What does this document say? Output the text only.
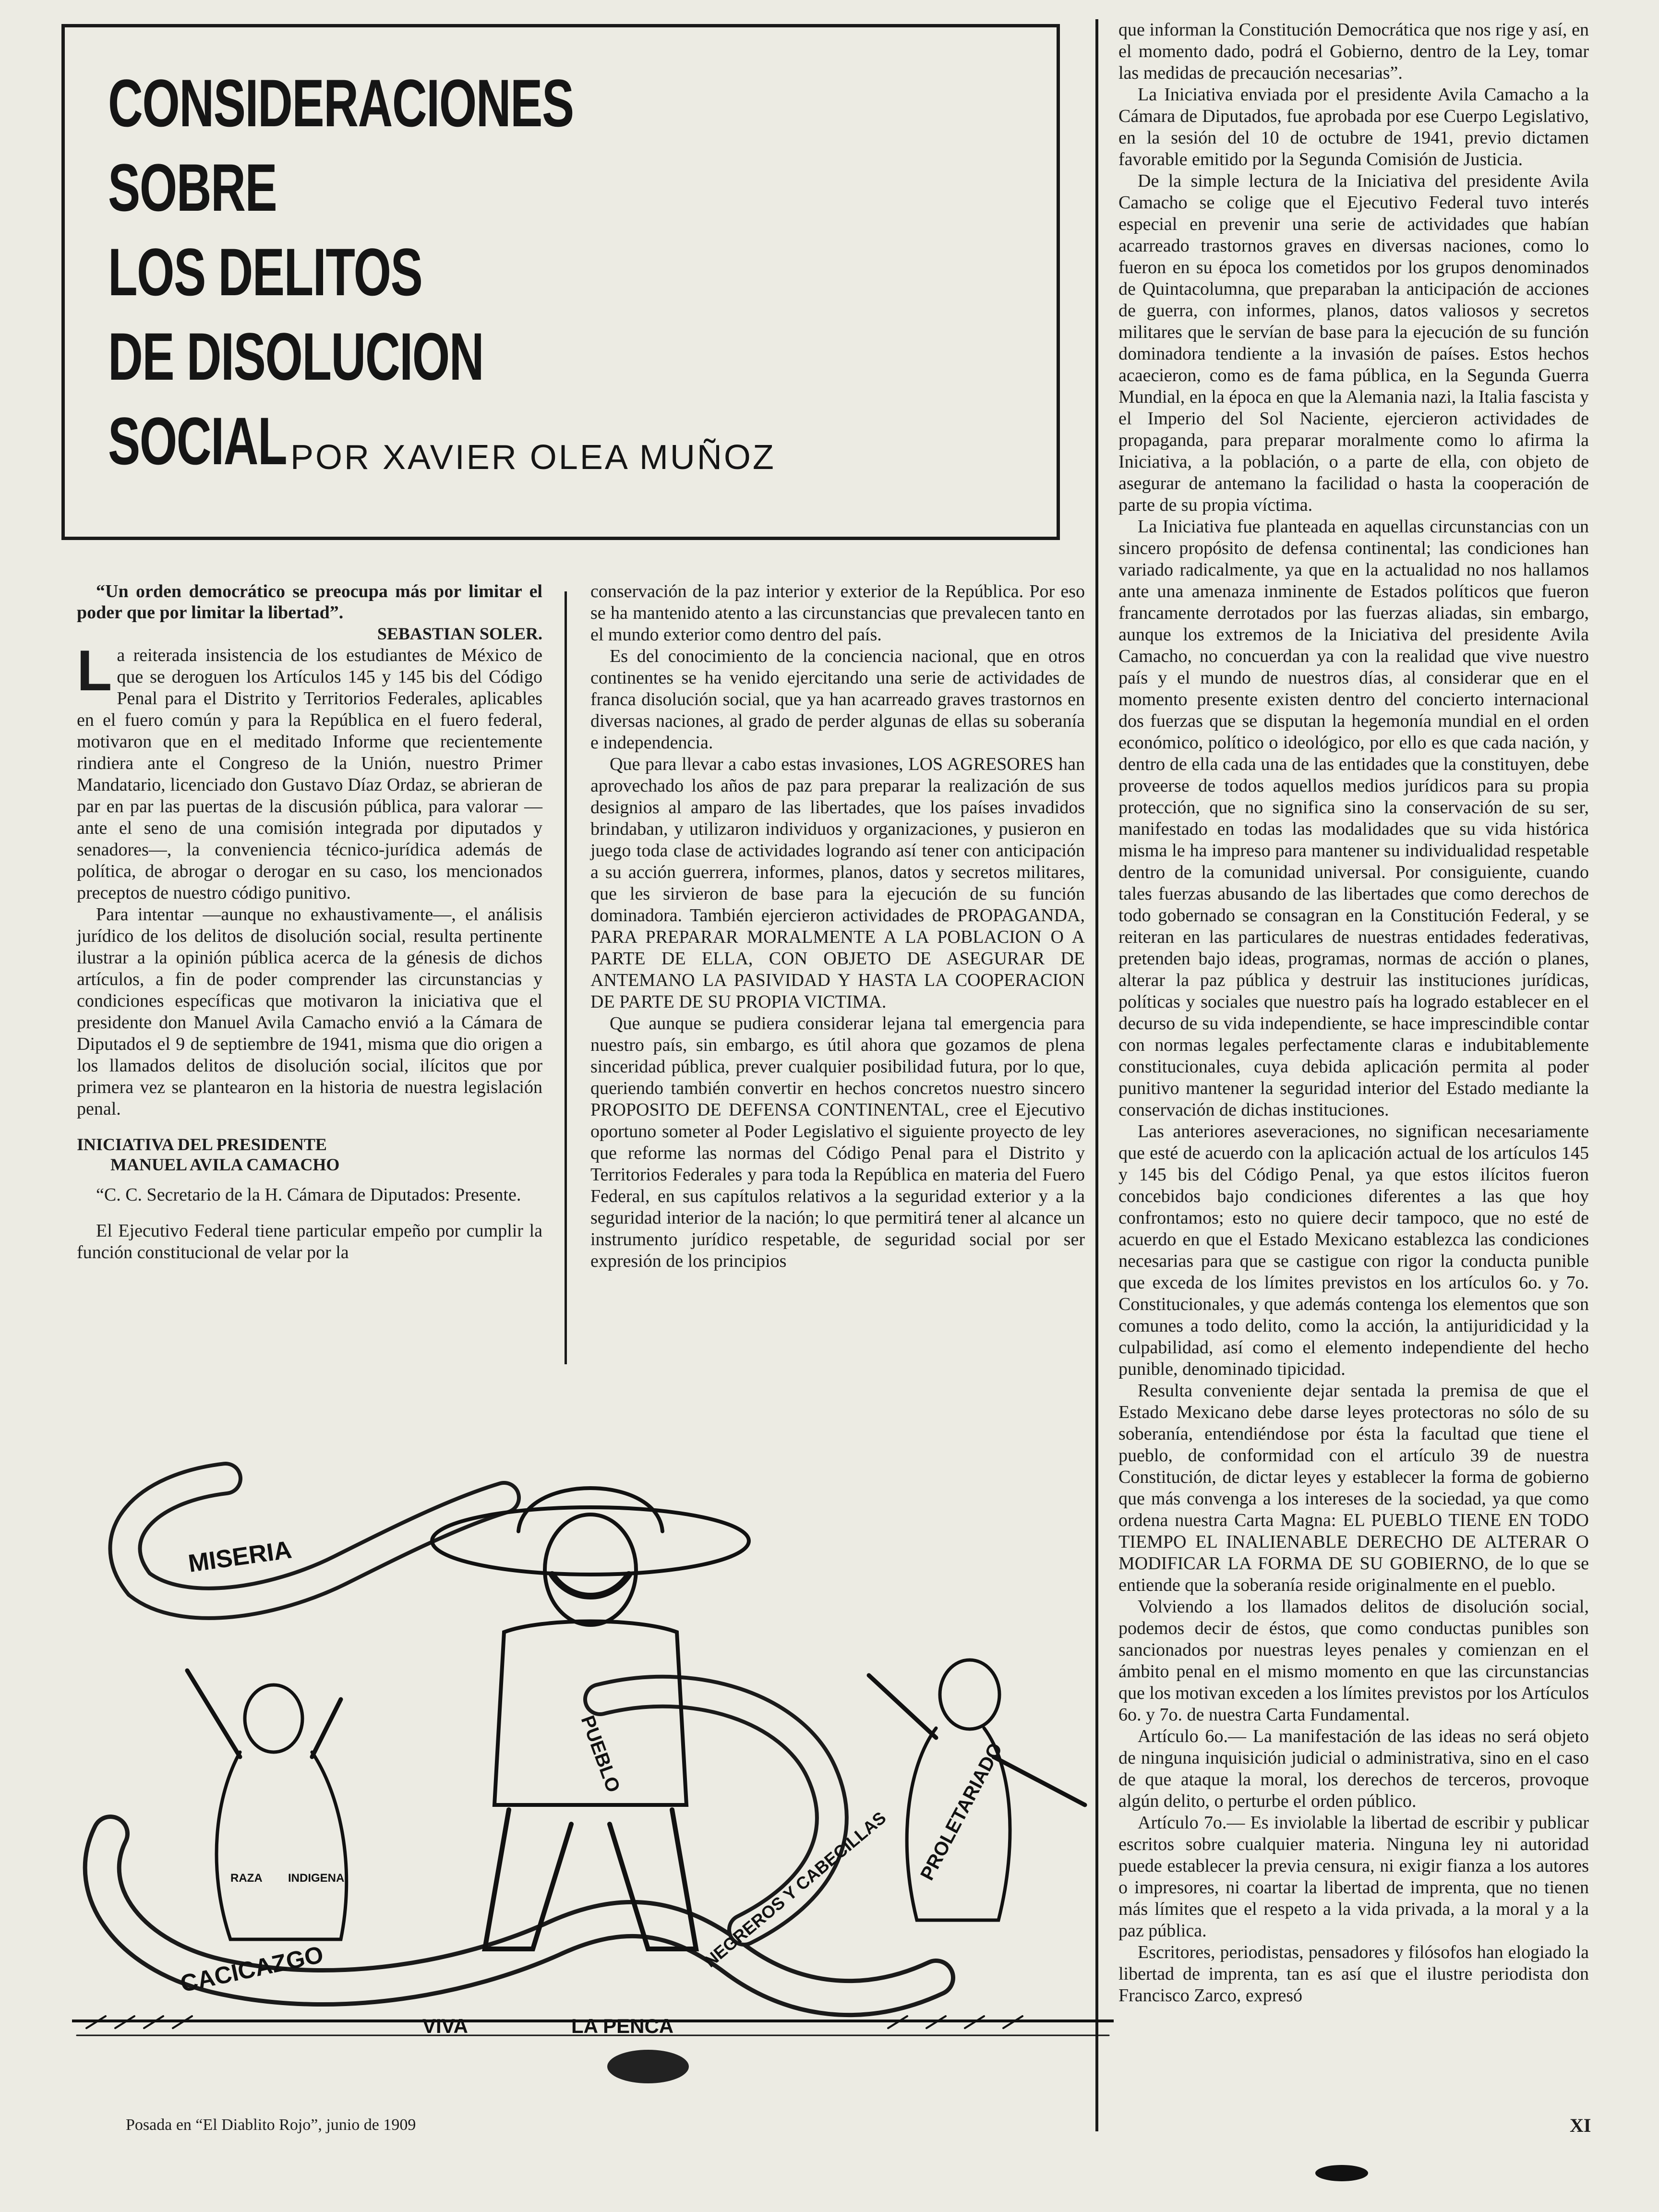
CONSIDERACIONES
SOBRE
LOS DELITOS
DE DISOLUCION
SOCIAL POR XAVIER OLEA MUÑOZ

“Un orden democrático se preocupa más por limitar el poder que por limitar la libertad”.

SEBASTIAN SOLER.

La reiterada insistencia de los estudiantes de México de que se deroguen los Artículos 145 y 145 bis del Código Penal para el Distrito y Territorios Federales, aplicables en el fuero común y para la República en el fuero federal, motivaron que en el meditado Informe que recientemente rindiera ante el Congreso de la Unión, nuestro Primer Mandatario, licenciado don Gustavo Díaz Ordaz, se abrieran de par en par las puertas de la discusión pública, para valorar —ante el seno de una comisión integrada por diputados y senadores—, la conveniencia técnico-jurídica además de política, de abrogar o derogar en su caso, los mencionados preceptos de nuestro código punitivo.

Para intentar —aunque no exhaustivamente—, el análisis jurídico de los delitos de disolución social, resulta pertinente ilustrar a la opinión pública acerca de la génesis de dichos artículos, a fin de poder comprender las circunstancias y condiciones específicas que motivaron la iniciativa que el presidente don Manuel Avila Camacho envió a la Cámara de Diputados el 9 de septiembre de 1941, misma que dio origen a los llamados delitos de disolución social, ilícitos que por primera vez se plantearon en la historia de nuestra legislación penal.

INICIATIVA DEL PRESIDENTE
MANUEL AVILA CAMACHO

“C. C. Secretario de la H. Cámara de Diputados: Presente.

El Ejecutivo Federal tiene particular empeño por cumplir la función constitucional de velar por la

conservación de la paz interior y exterior de la República. Por eso se ha mantenido atento a las circunstancias que prevalecen tanto en el mundo exterior como dentro del país.

Es del conocimiento de la conciencia nacional, que en otros continentes se ha venido ejercitando una serie de actividades de franca disolución social, que ya han acarreado graves trastornos en diversas naciones, al grado de perder algunas de ellas su soberanía e independencia.

Que para llevar a cabo estas invasiones, LOS AGRESORES han aprovechado los años de paz para preparar la realización de sus designios al amparo de las libertades, que los países invadidos brindaban, y utilizaron individuos y organizaciones, y pusieron en juego toda clase de actividades logrando así tener con anticipación a su acción guerrera, informes, planos, datos y secretos militares, que les sirvieron de base para la ejecución de su función dominadora. También ejercieron actividades de PROPAGANDA, PARA PREPARAR MORALMENTE A LA POBLACION O A PARTE DE ELLA, CON OBJETO DE ASEGURAR DE ANTEMANO LA PASIVIDAD Y HASTA LA COOPERACION DE PARTE DE SU PROPIA VICTIMA.

Que aunque se pudiera considerar lejana tal emergencia para nuestro país, sin embargo, es útil ahora que gozamos de plena sinceridad pública, prever cualquier posibilidad futura, por lo que, queriendo también convertir en hechos concretos nuestro sincero PROPOSITO DE DEFENSA CONTINENTAL, cree el Ejecutivo oportuno someter al Poder Legislativo el siguiente proyecto de ley que reforme las normas del Código Penal para el Distrito y Territorios Federales y para toda la República en materia del Fuero Federal, en sus capítulos relativos a la seguridad exterior y a la seguridad interior de la nación; lo que permitirá tener al alcance un instrumento jurídico respetable, de seguridad social por ser expresión de los principios

que informan la Constitución Democrática que nos rige y así, en el momento dado, podrá el Gobierno, dentro de la Ley, tomar las medidas de precaución necesarias”.

La Iniciativa enviada por el presidente Avila Camacho a la Cámara de Diputados, fue aprobada por ese Cuerpo Legislativo, en la sesión del 10 de octubre de 1941, previo dictamen favorable emitido por la Segunda Comisión de Justicia.

De la simple lectura de la Iniciativa del presidente Avila Camacho se colige que el Ejecutivo Federal tuvo interés especial en prevenir una serie de actividades que habían acarreado trastornos graves en diversas naciones, como lo fueron en su época los cometidos por los grupos denominados de Quintacolumna, que preparaban la anticipación de acciones de guerra, con informes, planos, datos valiosos y secretos militares que le servían de base para la ejecución de su función dominadora tendiente a la invasión de países. Estos hechos acaecieron, como es de fama pública, en la Segunda Guerra Mundial, en la época en que la Alemania nazi, la Italia fascista y el Imperio del Sol Naciente, ejercieron actividades de propaganda, para preparar moralmente como lo afirma la Iniciativa, a la población, o a parte de ella, con objeto de asegurar de antemano la facilidad o hasta la cooperación de parte de su propia víctima.

La Iniciativa fue planteada en aquellas circunstancias con un sincero propósito de defensa continental; las condiciones han variado radicalmente, ya que en la actualidad no nos hallamos ante una amenaza inminente de Estados políticos que fueron francamente derrotados por las fuerzas aliadas, sin embargo, aunque los extremos de la Iniciativa del presidente Avila Camacho, no concuerdan ya con la realidad que vive nuestro país y el mundo de nuestros días, al considerar que en el momento presente existen dentro del concierto internacional dos fuerzas que se disputan la hegemonía mundial en el orden económico, político o ideológico, por ello es que cada nación, y dentro de ella cada una de las entidades que la constituyen, debe proveerse de todos aquellos medios jurídicos para su propia protección, que no significa sino la conservación de su ser, manifestado en todas las modalidades que su vida histórica misma le ha impreso para mantener su individualidad respetable dentro de la comunidad universal. Por consiguiente, cuando tales fuerzas abusando de las libertades que como derechos de todo gobernado se consagran en la Constitución Federal, y se reiteran en las particulares de nuestras entidades federativas, pretenden bajo ideas, programas, normas de acción o planes, alterar la paz pública y destruir las instituciones jurídicas, políticas y sociales que nuestro país ha logrado establecer en el decurso de su vida independiente, se hace imprescindible contar con normas legales perfectamente claras e indubitablemente constitucionales, cuya debida aplicación permita al poder punitivo mantener la seguridad interior del Estado mediante la conservación de dichas instituciones.

Las anteriores aseveraciones, no significan necesariamente que esté de acuerdo con la aplicación actual de los artículos 145 y 145 bis del Código Penal, ya que estos ilícitos fueron concebidos bajo condiciones diferentes a las que hoy confrontamos; esto no quiere decir tampoco, que no esté de acuerdo en que el Estado Mexicano establezca las condiciones necesarias para que se castigue con rigor la conducta punible que exceda de los límites previstos en los artículos 6o. y 7o. Constitucionales, y que además contenga los elementos que son comunes a todo delito, como la acción, la antijuridicidad y la culpabilidad, así como el elemento independiente del hecho punible, denominado tipicidad.

Resulta conveniente dejar sentada la premisa de que el Estado Mexicano debe darse leyes protectoras no sólo de su soberanía, entendiéndose por ésta la facultad que tiene el pueblo, de conformidad con el artículo 39 de nuestra Constitución, de dictar leyes y establecer la forma de gobierno que más convenga a los intereses de la sociedad, ya que como ordena nuestra Carta Magna: EL PUEBLO TIENE EN TODO TIEMPO EL INALIENABLE DERECHO DE ALTERAR O MODIFICAR LA FORMA DE SU GOBIERNO, de lo que se entiende que la soberanía reside originalmente en el pueblo.

Volviendo a los llamados delitos de disolución social, podemos decir de éstos, que como conductas punibles son sancionados por nuestras leyes penales y comienzan en el ámbito penal en el mismo momento en que las circunstancias que los motivan exceden a los límites previstos por los Artículos 6o. y 7o. de nuestra Carta Fundamental.

Artículo 6o.— La manifestación de las ideas no será objeto de ninguna inquisición judicial o administrativa, sino en el caso de que ataque la moral, los derechos de terceros, provoque algún delito, o perturbe el orden público.

Artículo 7o.— Es inviolable la libertad de escribir y publicar escritos sobre cualquier materia. Ninguna ley ni autoridad puede establecer la previa censura, ni exigir fianza a los autores o impresores, ni coartar la libertad de imprenta, que no tienen más límites que el respeto a la vida privada, a la moral y a la paz pública.

Escritores, periodistas, pensadores y filósofos han elogiado la libertad de imprenta, tan es así que el ilustre periodista don Francisco Zarco, expresó

MISERIA
PUEBLO	PROLETARIADO
CACICAZGO	NEGREROS Y CABECILLAS
VIVA	LA PENCA
RAZA INDIGENA
Posada en “El Diablito Rojo”, junio de 1909	XI
